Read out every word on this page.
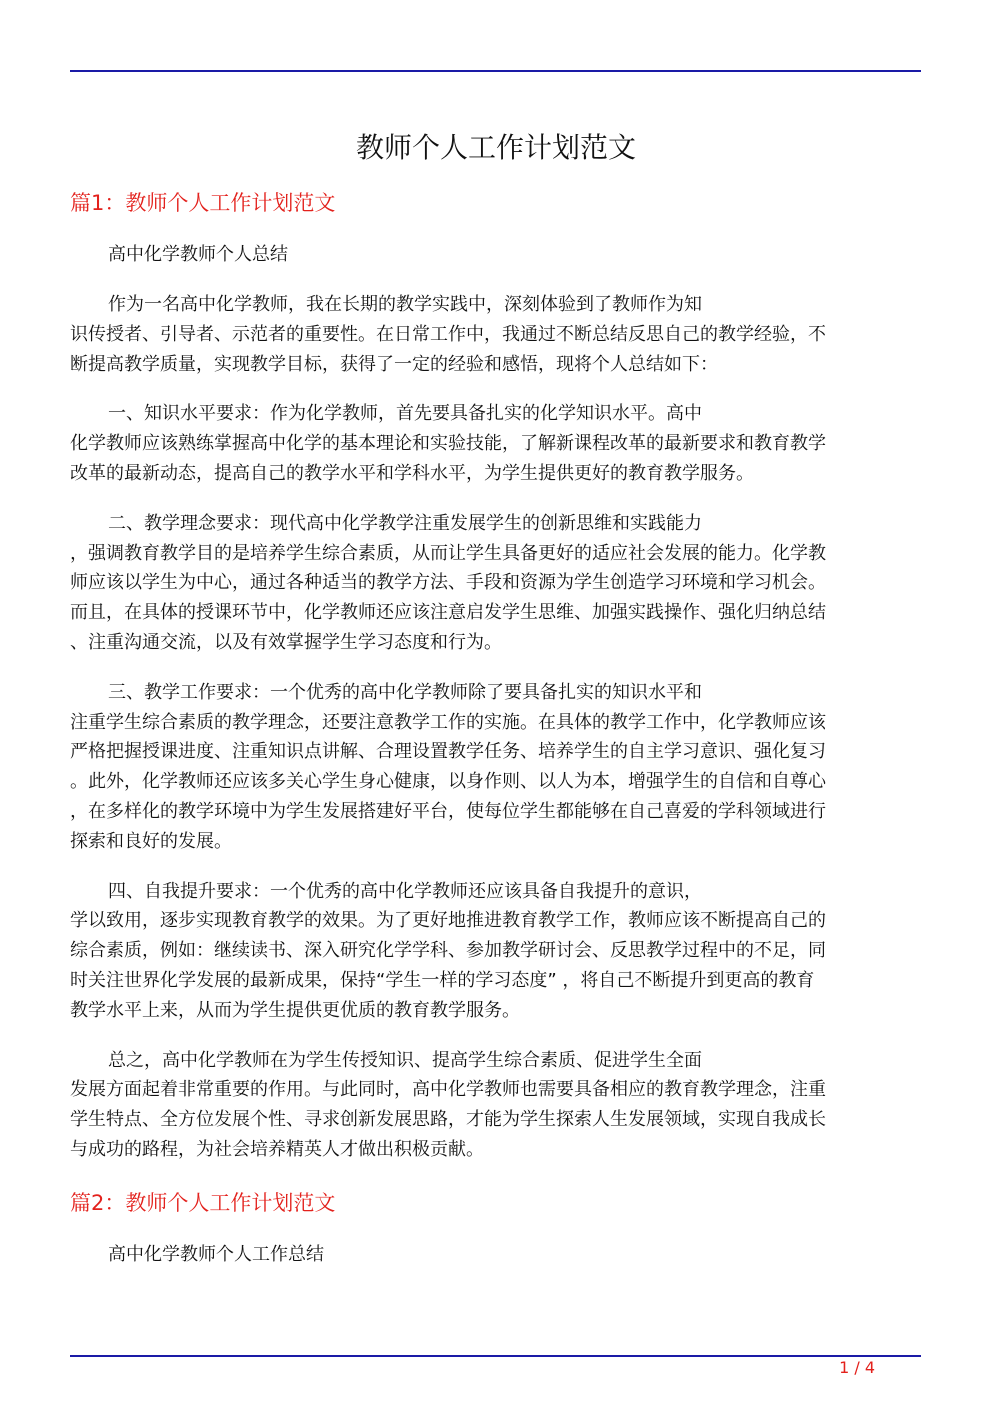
教师个人工作计划范文
篇1：教师个人工作计划范文
高中化学教师个人总结
作为一名高中化学教师，我在长期的教学实践中，深刻体验到了教师作为知
识传授者、引导者、示范者的重要性。在日常工作中，我通过不断总结反思自己的教学经验，不
断提高教学质量，实现教学目标，获得了一定的经验和感悟，现将个人总结如下：
一、知识水平要求：作为化学教师，首先要具备扎实的化学知识水平。高中
化学教师应该熟练掌握高中化学的基本理论和实验技能，了解新课程改革的最新要求和教育教学
改革的最新动态，提高自己的教学水平和学科水平，为学生提供更好的教育教学服务。
二、教学理念要求：现代高中化学教学注重发展学生的创新思维和实践能力
，强调教育教学目的是培养学生综合素质，从而让学生具备更好的适应社会发展的能力。化学教
师应该以学生为中心，通过各种适当的教学方法、手段和资源为学生创造学习环境和学习机会。
而且，在具体的授课环节中，化学教师还应该注意启发学生思维、加强实践操作、强化归纳总结
、注重沟通交流，以及有效掌握学生学习态度和行为。
三、教学工作要求：一个优秀的高中化学教师除了要具备扎实的知识水平和
注重学生综合素质的教学理念，还要注意教学工作的实施。在具体的教学工作中，化学教师应该
严格把握授课进度、注重知识点讲解、合理设置教学任务、培养学生的自主学习意识、强化复习
。此外，化学教师还应该多关心学生身心健康，以身作则、以人为本，增强学生的自信和自尊心
，在多样化的教学环境中为学生发展搭建好平台，使每位学生都能够在自己喜爱的学科领域进行
探索和良好的发展。
四、自我提升要求：一个优秀的高中化学教师还应该具备自我提升的意识，
学以致用，逐步实现教育教学的效果。为了更好地推进教育教学工作，教师应该不断提高自己的
综合素质，例如：继续读书、深入研究化学学科、参加教学研讨会、反思教学过程中的不足，同
时关注世界化学发展的最新成果，保持“学生一样的学习态度” ，将自己不断提升到更高的教育
教学水平上来，从而为学生提供更优质的教育教学服务。
总之，高中化学教师在为学生传授知识、提高学生综合素质、促进学生全面
发展方面起着非常重要的作用。与此同时，高中化学教师也需要具备相应的教育教学理念，注重
学生特点、全方位发展个性、寻求创新发展思路，才能为学生探索人生发展领域，实现自我成长
与成功的路程，为社会培养精英人才做出积极贡献。
篇2：教师个人工作计划范文
高中化学教师个人工作总结
1 / 4
